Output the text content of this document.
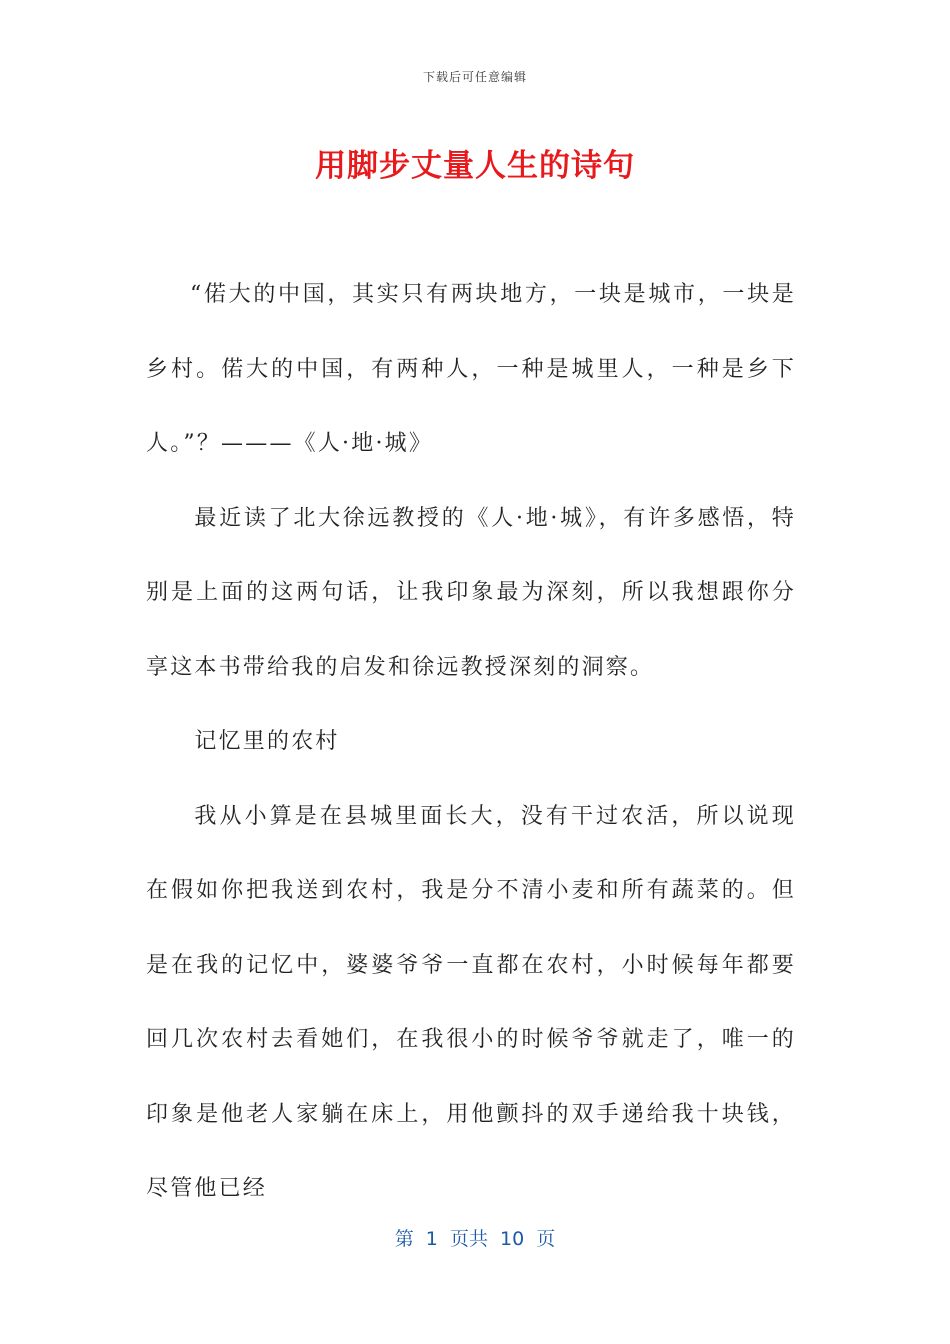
下载后可任意编辑
用脚步丈量人生的诗句

“偌大的中国，其实只有两块地方，一块是城市，一块是乡村。偌大的中国，有两种人，一种是城里人，一种是乡下人。”？———《人·地·城》

最近读了北大徐远教授的《人·地·城》，有许多感悟，特别是上面的这两句话，让我印象最为深刻，所以我想跟你分享这本书带给我的启发和徐远教授深刻的洞察。

记忆里的农村

我从小算是在县城里面长大，没有干过农活，所以说现在假如你把我送到农村，我是分不清小麦和所有蔬菜的。但是在我的记忆中，婆婆爷爷一直都在农村，小时候每年都要回几次农村去看她们，在我很小的时候爷爷就走了，唯一的印象是他老人家躺在床上，用他颤抖的双手递给我十块钱，尽管他已经

第  1  页共  10  页
